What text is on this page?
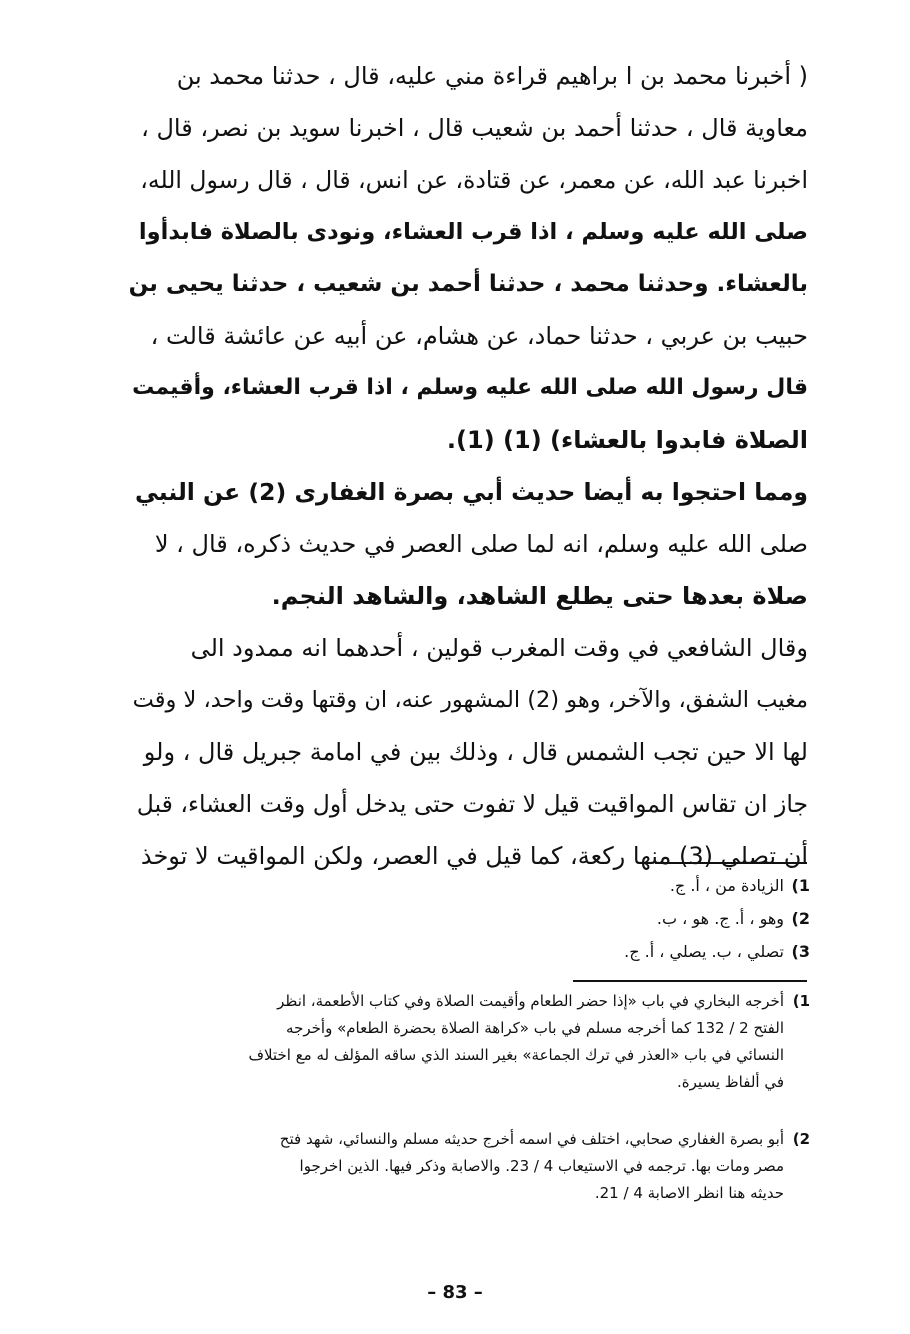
( أخبرنا محمد بن ا براهيم قراءة مني عليه، قال ، حدثنا محمد بن
معاوية قال ، حدثنا أحمد بن شعيب قال ، اخبرنا سويد بن نصر، قال ،
اخبرنا عبد الله، عن معمر، عن قتادة، عن انس، قال ، قال رسول الله،
صلى الله عليه وسلم ، اذا قرب العشاء، ونودى بالصلاة فابدأوا
بالعشاء. وحدثنا محمد ، حدثنا أحمد بن شعيب ، حدثنا يحيى بن
حبيب بن عربي ، حدثنا حماد، عن هشام، عن أبيه عن عائشة قالت ،
قال رسول الله صلى الله عليه وسلم ، اذا قرب العشاء، وأقيمت
الصلاة فابدوا بالعشاء) (1) (1).
ومما احتجوا به أيضا حديث أبي بصرة الغفارى (2) عن النبي
صلى الله عليه وسلم، انه لما صلى العصر في حديث ذكره، قال ، لا
صلاة بعدها حتى يطلع الشاهد، والشاهد النجم.
وقال الشافعي في وقت المغرب قولين ، أحدهما انه ممدود الى
مغيب الشفق، والآخر، وهو (2) المشهور عنه، ان وقتها وقت واحد، لا وقت
لها الا حين تجب الشمس قال ، وذلك بين في امامة جبريل قال ، ولو
جاز ان تقاس المواقيت قيل لا تفوت حتى يدخل أول وقت العشاء، قبل
أن تصلي (3) منها ركعة، كما قيل في العصر، ولكن المواقيت لا توخذ
1)الزيادة من ، أ. ج.
2)وهو ، أ. ج. هو ، ب.
3)تصلي ، ب. يصلي ، أ. ج.
1)أخرجه البخاري في باب «إذا حضر الطعام وأقيمت الصلاة وفي كتاب الأطعمة، انظر
الفتح 2 / 132 كما أخرجه مسلم في باب «كراهة الصلاة بحضرة الطعام» وأخرجه
النسائي في باب «العذر في ترك الجماعة» بغير السند الذي ساقه المؤلف له مع اختلاف
في ألفاظ يسيرة.
2)أبو بصرة الغفاري صحابي، اختلف في اسمه أخرج حديثه مسلم والنسائي، شهد فتح
مصر ومات بها. ترجمه في الاستيعاب 4 / 23. والاصابة وذكر فيها. الذين اخرجوا
حديثه هنا انظر الاصابة 4 / 21.
– 83 –
